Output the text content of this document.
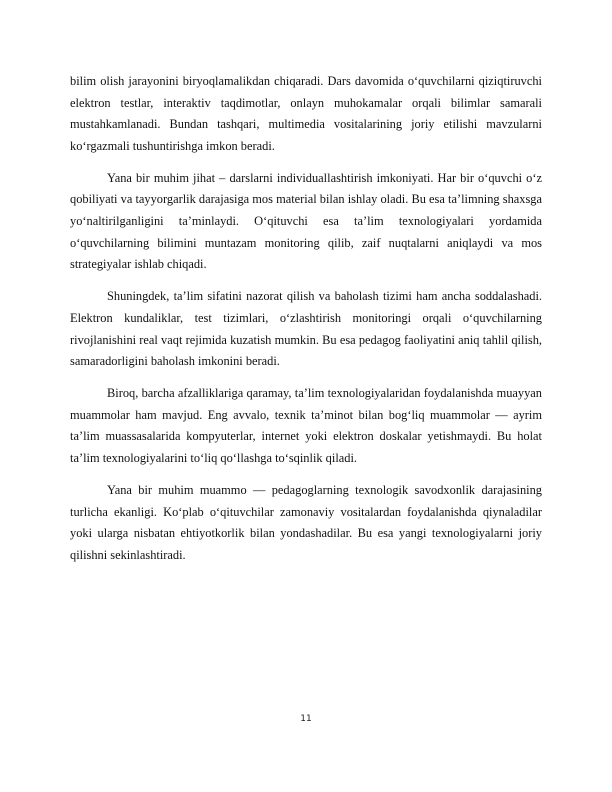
bilim olish jarayonini biryoqlamalikdan chiqaradi. Dars davomida o‘quvchilarni qiziqtiruvchi elektron testlar, interaktiv taqdimotlar, onlayn muhokamalar orqali bilimlar samarali mustahkamlanadi. Bundan tashqari, multimedia vositalarining joriy etilishi mavzularni ko‘rgazmali tushuntirishga imkon beradi.

Yana bir muhim jihat – darslarni individuallashtirish imkoniyati. Har bir o‘quvchi o‘z qobiliyati va tayyorgarlik darajasiga mos material bilan ishlay oladi. Bu esa ta’limning shaxsga yo‘naltirilganligini ta’minlaydi. O‘qituvchi esa ta’lim texnologiyalari yordamida o‘quvchilarning bilimini muntazam monitoring qilib, zaif nuqtalarni aniqlaydi va mos strategiyalar ishlab chiqadi.

Shuningdek, ta’lim sifatini nazorat qilish va baholash tizimi ham ancha soddalashadi. Elektron kundaliklar, test tizimlari, o‘zlashtirish monitoringi orqali o‘quvchilarning rivojlanishini real vaqt rejimida kuzatish mumkin. Bu esa pedagog faoliyatini aniq tahlil qilish, samaradorligini baholash imkonini beradi.

Biroq, barcha afzalliklariga qaramay, ta’lim texnologiyalaridan foydalanishda muayyan muammolar ham mavjud. Eng avvalo, texnik ta’minot bilan bog‘liq muammolar — ayrim ta’lim muassasalarida kompyuterlar, internet yoki elektron doskalar yetishmaydi. Bu holat ta’lim texnologiyalarini to‘liq qo‘llashga to‘sqinlik qiladi.

Yana bir muhim muammo — pedagoglarning texnologik savodxonlik darajasining turlicha ekanligi. Ko‘plab o‘qituvchilar zamonaviy vositalardan foydalanishda qiynaladilar yoki ularga nisbatan ehtiyotkorlik bilan yondashadilar. Bu esa yangi texnologiyalarni joriy qilishni sekinlashtiradi.

11
